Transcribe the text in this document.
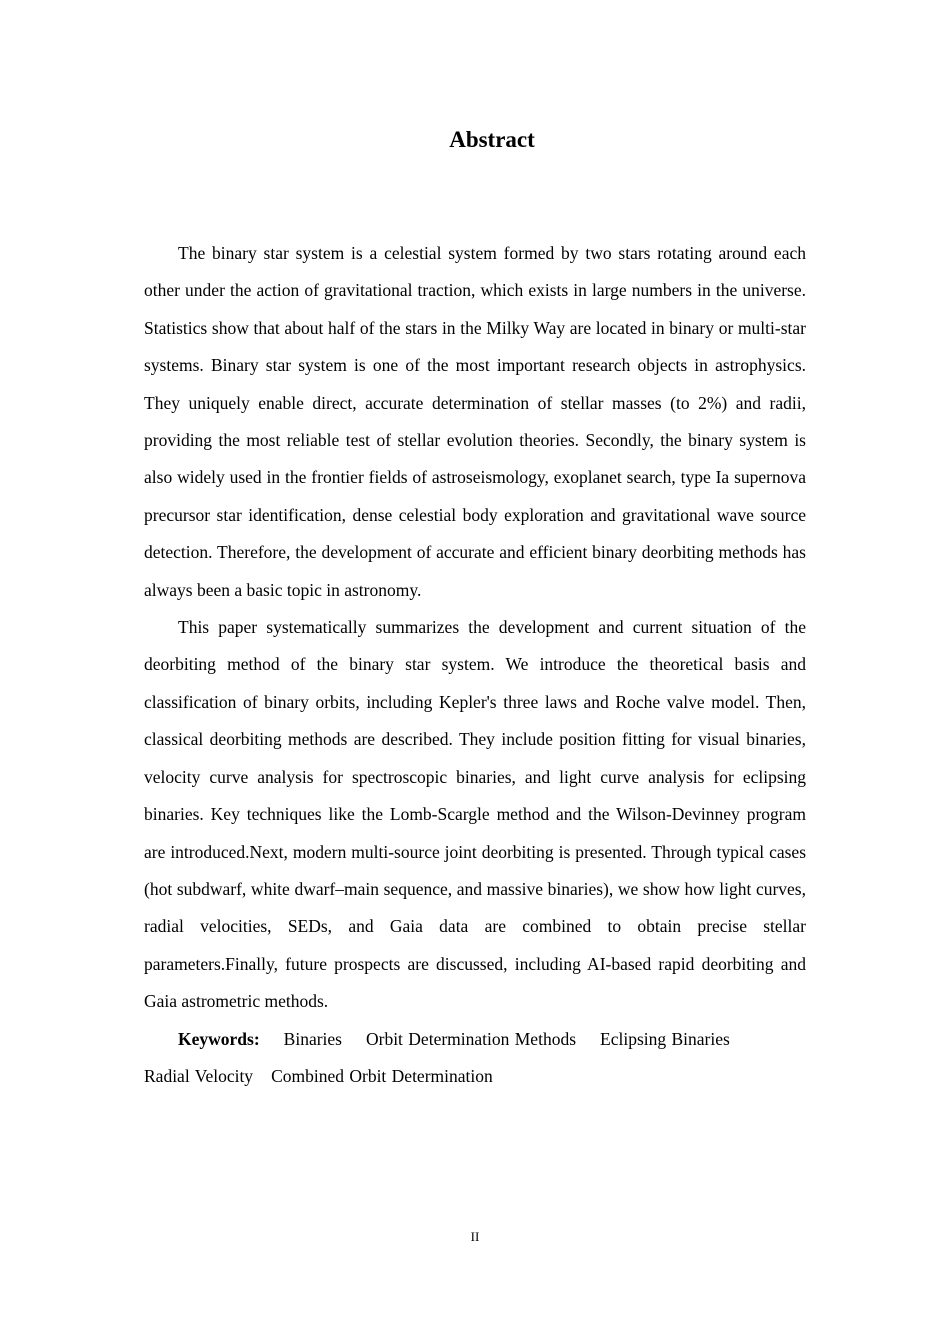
Abstract

The binary star system is a celestial system formed by two stars rotating around each other under the action of gravitational traction, which exists in large numbers in the universe. Statistics show that about half of the stars in the Milky Way are located in binary or multi-star systems. Binary star system is one of the most important research objects in astrophysics. They uniquely enable direct, accurate determination of stellar masses (to 2%) and radii, providing the most reliable test of stellar evolution theories. Secondly, the binary system is also widely used in the frontier fields of astroseismology, exoplanet search, type Ia supernova precursor star identification, dense celestial body exploration and gravitational wave source detection. Therefore, the development of accurate and efficient binary deorbiting methods has always been a basic topic in astronomy.

This paper systematically summarizes the development and current situation of the deorbiting method of the binary star system. We introduce the theoretical basis and classification of binary orbits, including Kepler's three laws and Roche valve model. Then, classical deorbiting methods are described. They include position fitting for visual binaries, velocity curve analysis for spectroscopic binaries, and light curve analysis for eclipsing binaries. Key techniques like the Lomb-Scargle method and the Wilson-Devinney program are introduced.Next, modern multi-source joint deorbiting is presented. Through typical cases (hot subdwarf, white dwarf–main sequence, and massive binaries), we show how light curves, radial velocities, SEDs, and Gaia data are combined to obtain precise stellar parameters.Finally, future prospects are discussed, including AI-based rapid deorbiting and Gaia astrometric methods.

Keywords: Binaries Orbit Determination Methods Eclipsing Binaries Radial Velocity Combined Orbit Determination

II
